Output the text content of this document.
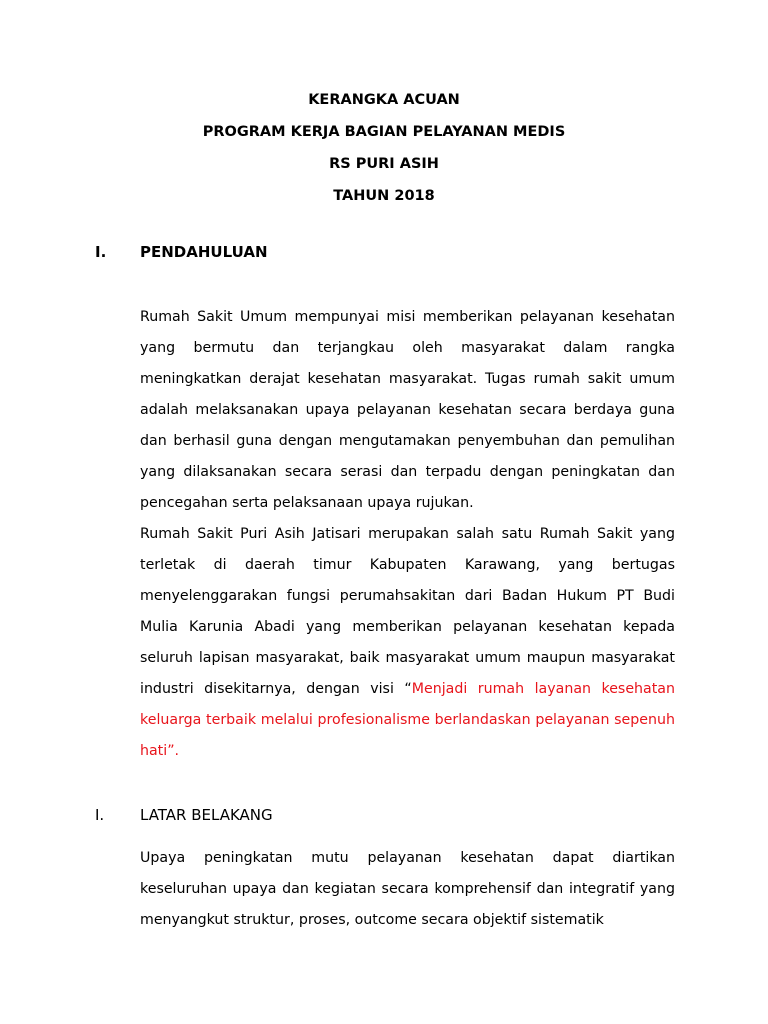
KERANGKA ACUAN
PROGRAM KERJA BAGIAN PELAYANAN MEDIS
RS PURI ASIH
TAHUN 2018
I.	PENDAHULUAN
Rumah Sakit Umum mempunyai misi memberikan pelayanan kesehatan yang bermutu dan terjangkau oleh masyarakat dalam rangka meningkatkan derajat kesehatan masyarakat. Tugas rumah sakit umum adalah melaksanakan upaya pelayanan kesehatan secara berdaya guna dan berhasil guna dengan mengutamakan penyembuhan dan pemulihan yang dilaksanakan secara serasi dan terpadu dengan peningkatan dan pencegahan serta pelaksanaan upaya rujukan.
Rumah Sakit Puri Asih Jatisari merupakan salah satu Rumah Sakit yang terletak di daerah timur Kabupaten Karawang, yang bertugas menyelenggarakan fungsi perumahsakitan dari Badan Hukum PT Budi Mulia Karunia Abadi yang memberikan pelayanan kesehatan kepada seluruh lapisan masyarakat, baik masyarakat umum maupun masyarakat industri disekitarnya, dengan visi “Menjadi rumah layanan kesehatan keluarga terbaik melalui profesionalisme berlandaskan pelayanan sepenuh hati”.
I.	LATAR BELAKANG
Upaya peningkatan mutu pelayanan kesehatan dapat diartikan keseluruhan upaya dan kegiatan secara komprehensif dan integratif yang menyangkut struktur, proses, outcome secara objektif sistematik
